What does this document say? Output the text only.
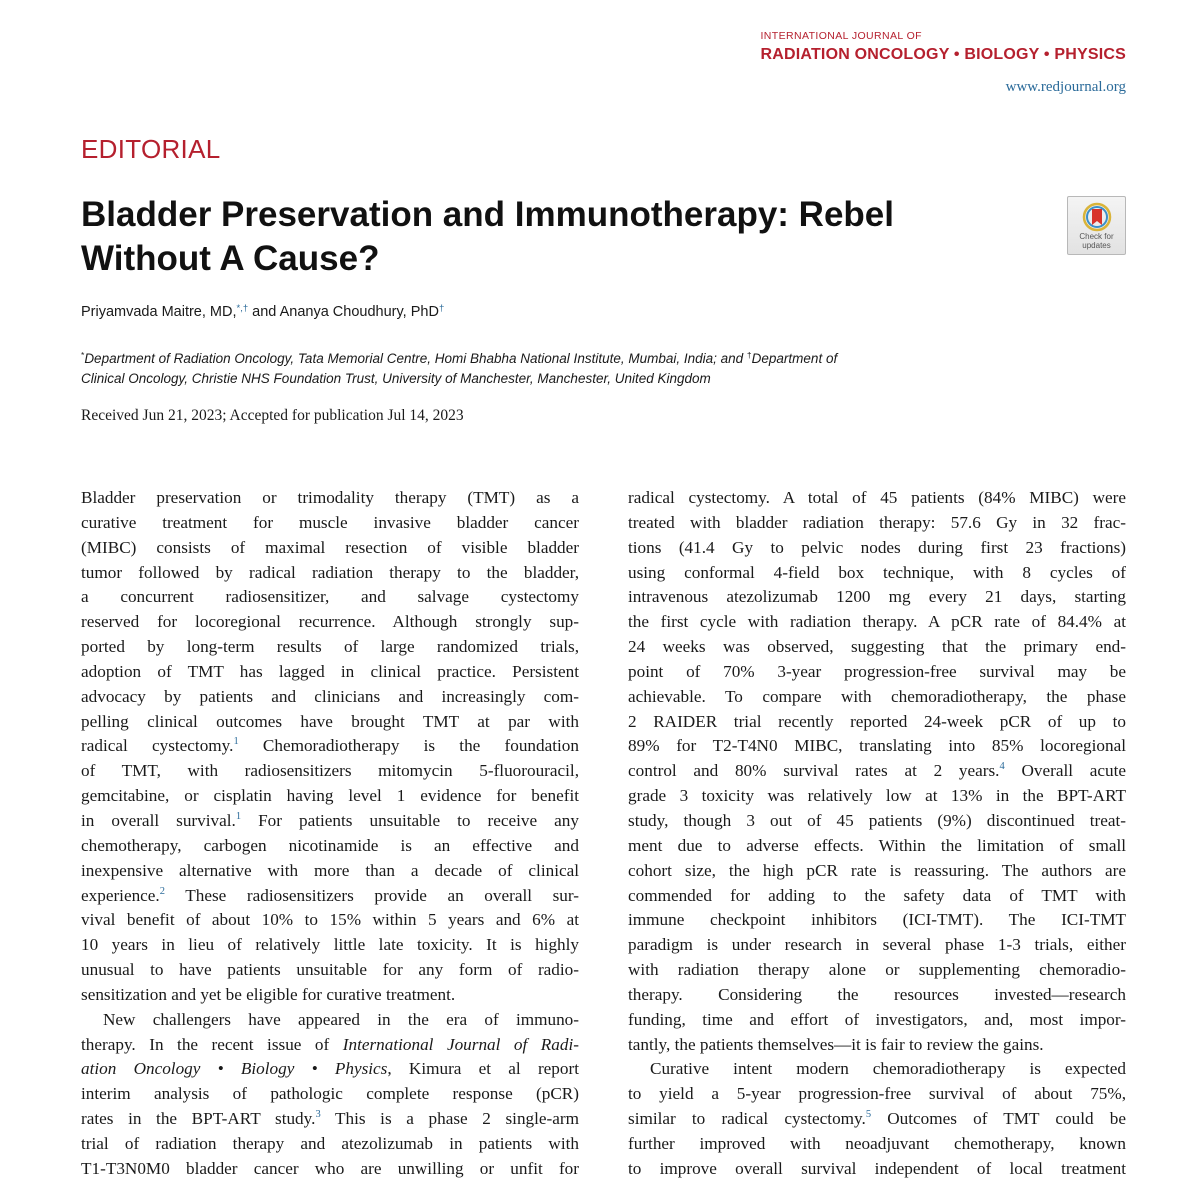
INTERNATIONAL JOURNAL OF
RADIATION ONCOLOGY • BIOLOGY • PHYSICS
www.redjournal.org
EDITORIAL
Bladder Preservation and Immunotherapy: Rebel
Without A Cause?
Check for
updates
Priyamvada Maitre, MD,*,† and Ananya Choudhury, PhD†
*Department of Radiation Oncology, Tata Memorial Centre, Homi Bhabha National Institute, Mumbai, India; and †Department of
Clinical Oncology, Christie NHS Foundation Trust, University of Manchester, Manchester, United Kingdom
Received Jun 21, 2023; Accepted for publication Jul 14, 2023
Bladder preservation or trimodality therapy (TMT) as a
curative treatment for muscle invasive bladder cancer
(MIBC) consists of maximal resection of visible bladder
tumor followed by radical radiation therapy to the bladder,
a concurrent radiosensitizer, and salvage cystectomy
reserved for locoregional recurrence. Although strongly sup-
ported by long-term results of large randomized trials,
adoption of TMT has lagged in clinical practice. Persistent
advocacy by patients and clinicians and increasingly com-
pelling clinical outcomes have brought TMT at par with
radical cystectomy.$^1$ Chemoradiotherapy is the foundation
of TMT, with radiosensitizers mitomycin 5-fluorouracil,
gemcitabine, or cisplatin having level 1 evidence for benefit
in overall survival.$^1$ For patients unsuitable to receive any
chemotherapy, carbogen nicotinamide is an effective and
inexpensive alternative with more than a decade of clinical
experience.$^2$ These radiosensitizers provide an overall sur-
vival benefit of about 10% to 15% within 5 years and 6% at
10 years in lieu of relatively little late toxicity. It is highly
unusual to have patients unsuitable for any form of radio-
sensitization and yet be eligible for curative treatment.
New challengers have appeared in the era of immuno-
therapy. In the recent issue of International Journal of Radi-
ation Oncology • Biology • Physics, Kimura et al report
interim analysis of pathologic complete response (pCR)
rates in the BPT-ART study.$^3$ This is a phase 2 single-arm
trial of radiation therapy and atezolizumab in patients with
T1-T3N0M0 bladder cancer who are unwilling or unfit for
radical cystectomy. A total of 45 patients (84% MIBC) were
treated with bladder radiation therapy: 57.6 Gy in 32 frac-
tions (41.4 Gy to pelvic nodes during first 23 fractions)
using conformal 4-field box technique, with 8 cycles of
intravenous atezolizumab 1200 mg every 21 days, starting
the first cycle with radiation therapy. A pCR rate of 84.4% at
24 weeks was observed, suggesting that the primary end-
point of 70% 3-year progression-free survival may be
achievable. To compare with chemoradiotherapy, the phase
2 RAIDER trial recently reported 24-week pCR of up to
89% for T2-T4N0 MIBC, translating into 85% locoregional
control and 80% survival rates at 2 years.$^4$ Overall acute
grade 3 toxicity was relatively low at 13% in the BPT-ART
study, though 3 out of 45 patients (9%) discontinued treat-
ment due to adverse effects. Within the limitation of small
cohort size, the high pCR rate is reassuring. The authors are
commended for adding to the safety data of TMT with
immune checkpoint inhibitors (ICI-TMT). The ICI-TMT
paradigm is under research in several phase 1-3 trials, either
with radiation therapy alone or supplementing chemoradio-
therapy. Considering the resources invested—research
funding, time and effort of investigators, and, most impor-
tantly, the patients themselves—it is fair to review the gains.
Curative intent modern chemoradiotherapy is expected
to yield a 5-year progression-free survival of about 75%,
similar to radical cystectomy.$^5$ Outcomes of TMT could be
further improved with neoadjuvant chemotherapy, known
to improve overall survival independent of local treatment
